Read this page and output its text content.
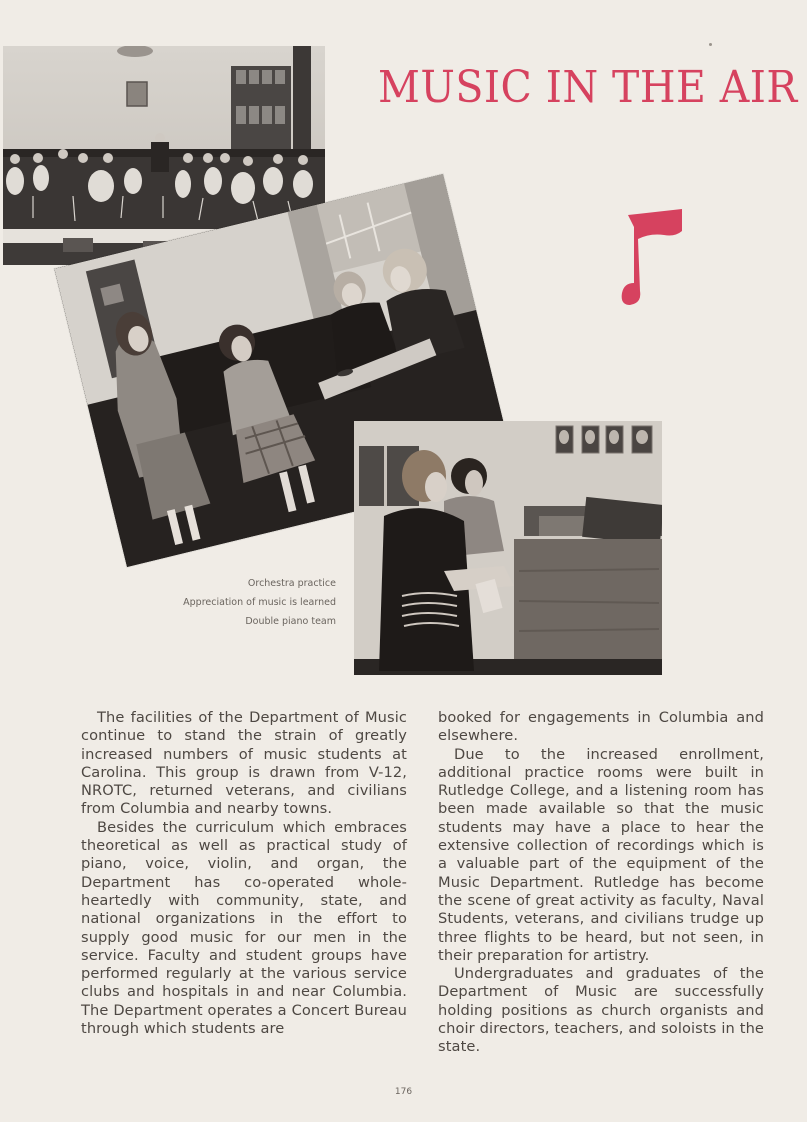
MUSIC IN THE AIR
Orchestra practice
Appreciation of music is learned
Double piano team

The facilities of the Department of Music continue to stand the strain of greatly increased numbers of music students at Carolina. This group is drawn from V-12, NROTC, returned veterans, and civilians from Columbia and nearby towns.

Besides the curriculum which embraces theoretical as well as practical study of piano, voice, violin, and organ, the Department has co-operated whole-heartedly with community, state, and national organizations in the effort to supply good music for our men in the service. Faculty and student groups have performed regularly at the various service clubs and hospitals in and near Columbia. The Department operates a Concert Bureau through which students are

booked for engagements in Columbia and elsewhere.

Due to the increased enrollment, additional practice rooms were built in Rutledge College, and a listening room has been made available so that the music students may have a place to hear the extensive collection of recordings which is a valuable part of the equipment of the Music Department. Rutledge has become the scene of great activity as faculty, Naval Students, veterans, and civilians trudge up three flights to be heard, but not seen, in their preparation for artistry.

Undergraduates and graduates of the Department of Music are successfully holding positions as church organists and choir directors, teachers, and soloists in the state.

176
